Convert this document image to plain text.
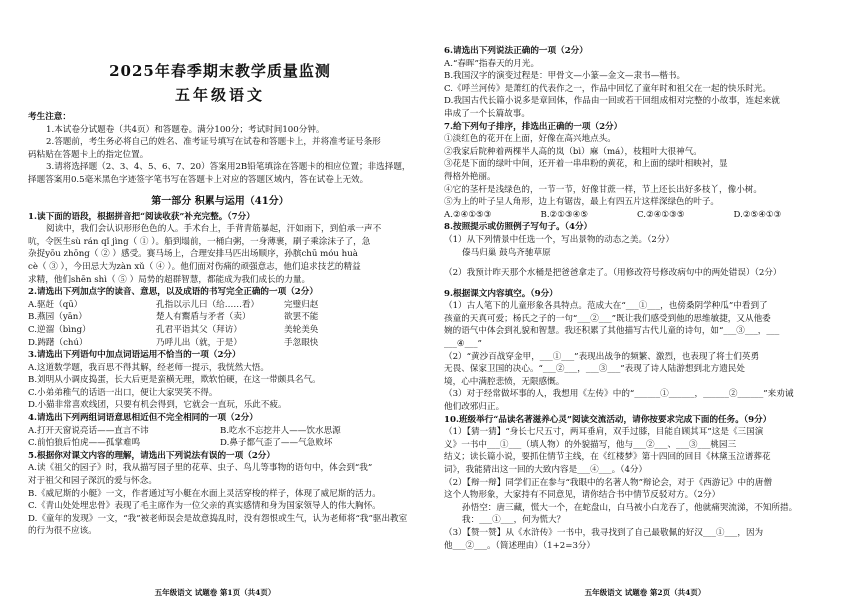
2025年春季期末教学质量监测
五年级语文
考生注意：
1.本试卷分试题卷（共4页）和答题卷。满分100分；考试时间100分钟。
2.答题前，考生务必将自己的姓名、准考证号填写在试卷和答题卡上，并将准考证号条形
码粘贴在答题卡上的指定位置。
3.请将选择题（2、3、4、5、6、7、20）答案用2B铅笔填涂在答题卡的相应位置；非选择题，
择题答案用0.5毫米黑色字迹签字笔书写在答题卡上对应的答题区域内，答在试卷上无效。
第一部分 积累与运用（41分）
1.读下面的语段，根据拼音把“阅读收获”补充完整。（7分）
阅读中，我们会认识形形色色的人。手术台上，手背青筋暴起，汗如雨下，到伯承一声不
吭，令医生sù rán qǐ jìng（ ① ）。船到塌前，一桶白粥，一身薄裹，刷子乘涂沫子了，急
杂捉yōu zhōng（ ② ）感受。赛马场上，合理安排马匹出场顺序，孙膑chū móu huà
cè（ ③ ），今田忌大为zàn xǔ（ ④ ）。他们面对伤痛的顽强意志，他们追求技艺的精益
求精，他们shēn shì（ ⑤ ）局势的超群智慧，都能成为我们成长的力量。
2.请选出下列加点字的读音、意思，以及成语的书写完全正确的一项（2分）
A.驱赶（qū）	孔指以示儿曰（给……看）	完璧归赵
B.燕园（yān）	楚人有鬻盾与矛者（卖）	欲罢不能
C.逆溜（bìng）	孔君平诣其父（拜访）	美轮美奂
D.踌躇（chú）	乃呼儿出（就，于是）	手忽眼快
3.请选出下列语句中加点词语运用不恰当的一项（2分）
A.这道数学题，我百思不得其解，经老师一提示，我恍然大悟。
B.刘明从小调皮捣蛋，长大后更是蛮横无理，欺软怕硬，在这一带颇具名气。
C.小弟弟稚气的话语一出口，便让大家哭笑不得。
D.小猫非常喜欢线团，只要有机会得到，它就会一直玩，乐此不疲。
4.请选出下列两组词语意思相近但不完全相同的一项（2分）
A.打开天窗说亮话——直言不讳	B.吃水不忘挖井人——饮水思源
C.前怕狼后怕虎——孤掌难鸣	D.鼻子都气歪了——气急败坏
5.根据你对课文内容的理解，请选出下列说法有误的一项（2分）
A.读《祖父的园子》时，我从描写园子里的花草、虫子、鸟儿等事物的语句中，体会到“我”
对于祖父和园子深沉的爱与怀念。
B.《威尼斯的小艇》一文，作者通过写小艇在水面上灵活穿梭的样子，体现了威尼斯的活力。
C.《青山处处埋忠骨》表现了毛主席作为一位父亲的真实感情和身为国家领导人的伟大胸怀。
D.《童年的发现》一文，“我”被老师误会是故意捣乱时，没有怨恨或生气，认为老师将“我”驱出教室
的行为很不应该。
五年级语文 试题卷 第1页（共4页）
6.请选出下列说法正确的一项（2分）
A.“春晖”指春天的月光。
B.我国汉字的演变过程是：甲骨文—小篆—金文—隶书—楷书。
C.《呼兰河传》是萧红的代表作之一，作品中回忆了童年时和祖父在一起的快乐时光。
D.我国古代长篇小说多是章回体，作品由一回或若干回组成相对完整的小故事，连起来就
串成了一个长篇故事。
7.给下列句子排序，排选出正确的一项（2分）
①淡红色的花开在上面，好像在高兴地点头。
②我家后院种着两棵半人高的岚（bì）麻（má），枝粗叶大很神气。
③花是下面的绿叶中间，还开着一串串粉的黄花，和上面的绿叶相映衬，显
得格外艳丽。
④它的茎杆是浅绿色的，一节一节，好像甘蔗一样，节上还长出好多枝丫，像小树。
⑤为上的叶子呈人角形，边上有锯齿，最上有四五片这样深绿色的叶子。
A.②④①⑤③	B.②①③④⑤	C.②④①③⑤	D.②⑤④①③
8.按照提示或仿照例子写句子。（4分）
（1）从下列情景中任选一个，写出景物的动态之美。（2分）
傣马归巢 鼓鸟齐驰草原
（2）我预计昨天那个水桶是把爸爸拿走了。（用修改符号修改病句中的两处错误）（2分）
9.根据课文内容填空。（9分）
（1）古人笔下的儿童形象各具特点。范成大在“___①___，也傍桑阴学种瓜”中看到了
孩童的天真可爱；杨氏之子的一句“___②___”既让我们感受到他的思维敏捷，又从他委
婉的语气中体会到礼貌和智慧。我还积累了其他描写古代儿童的诗句，如“___③___，___
___④___”
（2）“黄沙百战穿金甲，___①___”表现出战争的频繁、激烈，也表现了将士们英勇
无畏、保家卫国的决心。“___②___，___③___”表现了诗人陆游想到北方遗民处
境，心中满腔悲愤，无限感慨。
（3）对于经常做坏事的人，我想用《左传》中的“______①______，______②______”来劝诫
他们改邪归正。
10.班级举行“品读名著滋养心灵”阅读交流活动，请你按要求完成下面的任务。（9分）
（1）【猜一猜】“身长七尺五寸，两耳垂肩，双手过膝，目能自顾其耳”这是《三国演
义》一书中___①___（填人物）的外貌描写，他与___②___、___③___桃园三
结义；读长篇小说，要抓住情节主线，在《红楼梦》第十四回的回目《林黛玉泣谱葬花
词》，我能猜出这一回的大致内容是___④___。（4分）
（2）【辩一辩】同学们正在参与“我眼中的名著人物”辩论会，对于《西游记》中的唐僧
这个人物形象，大家持有不同意见，请你结合书中情节反驳对方。（2分）
孙悟空：唐三藏，慌大一个，在蛇盘山，白马被小白龙吞了，他就痛哭流涕，不知所措。
我：___①___，何为慌大？
（3）【赞一赞】从《水浒传》一书中，我寻找到了自己最敬佩的好汉___①___，因为
他___②___。（简述理由）（1+2=3分）
五年级语文 试题卷 第2页（共4页）
